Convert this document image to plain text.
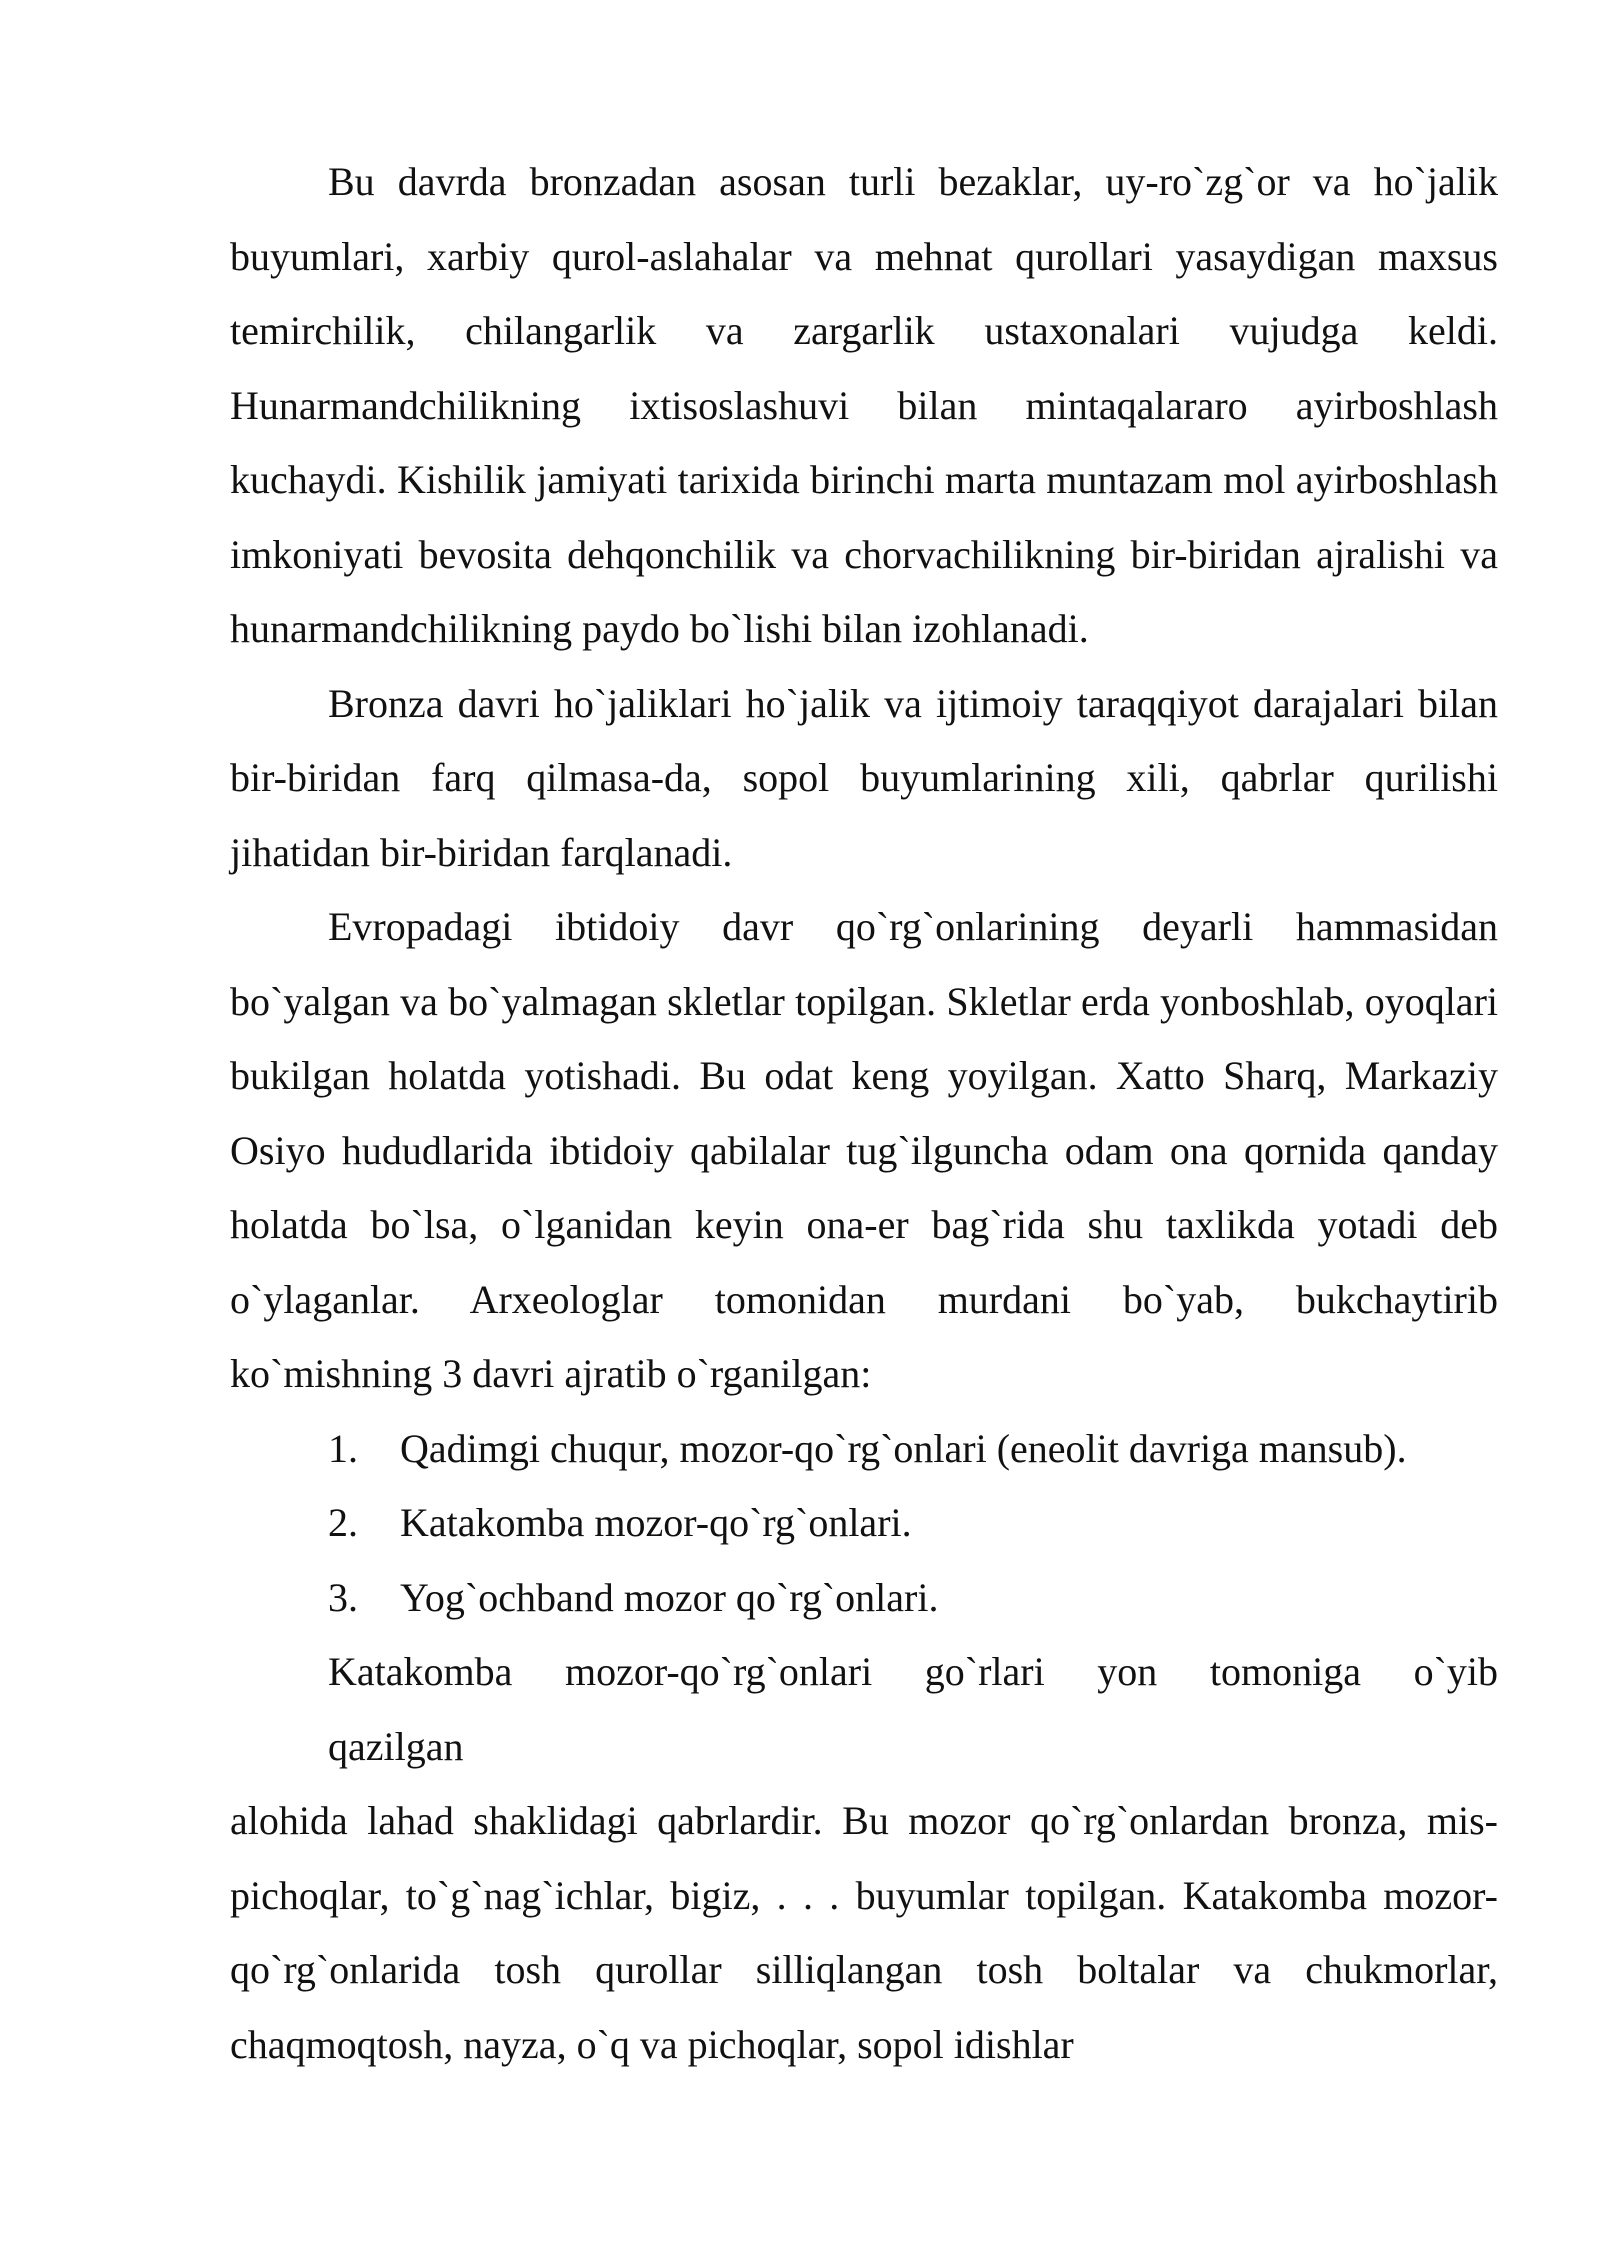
Bu davrda bronzadan asosan turli bezaklar, uy-ro`zg`or va ho`jalik buyumlari, xarbiy qurol-aslahalar va mehnat qurollari yasaydigan maxsus temirchilik, chilangarlik va zargarlik ustaxonalari vujudga keldi. Hunarmandchilikning ixtisoslashuvi bilan mintaqalararo ayirboshlash kuchaydi. Kishilik jamiyati tarixida birinchi marta muntazam mol ayirboshlash imkoniyati bevosita dehqonchilik va chorvachilikning bir-biridan ajralishi va hunarmandchilikning paydo bo`lishi bilan izohlanadi.

Bronza davri ho`jaliklari ho`jalik va ijtimoiy taraqqiyot darajalari bilan bir-biridan farq qilmasa-da, sopol buyumlarining xili, qabrlar qurilishi jihatidan bir-biridan farqlanadi.

Evropadagi ibtidoiy davr qo`rg`onlarining deyarli hammasidan bo`yalgan va bo`yalmagan skletlar topilgan. Skletlar erda yonboshlab, oyoqlari bukilgan holatda yotishadi. Bu odat keng yoyilgan. Xatto Sharq, Markaziy Osiyo hududlarida ibtidoiy qabilalar tug`ilguncha odam ona qornida qanday holatda bo`lsa, o`lganidan keyin ona-er bag`rida shu taxlikda yotadi deb o`ylaganlar. Arxeologlar tomonidan murdani bo`yab, bukchaytirib ko`mishning 3 davri ajratib o`rganilgan:

1.	Qadimgi chuqur, mozor-qo`rg`onlari (eneolit davriga mansub).
2.	Katakomba mozor-qo`rg`onlari.
3.	Yog`ochband mozor qo`rg`onlari.

Katakomba mozor-qo`rg`onlari go`rlari yon tomoniga o`yib

qazilgan

alohida lahad shaklidagi qabrlardir. Bu mozor qo`rg`onlardan bronza, mis-pichoqlar, to`g`nag`ichlar, bigiz, . . . buyumlar topilgan. Katakomba mozor-qo`rg`onlarida tosh qurollar silliqlangan tosh boltalar va chukmorlar, chaqmoqtosh, nayza, o`q va pichoqlar, sopol idishlar
